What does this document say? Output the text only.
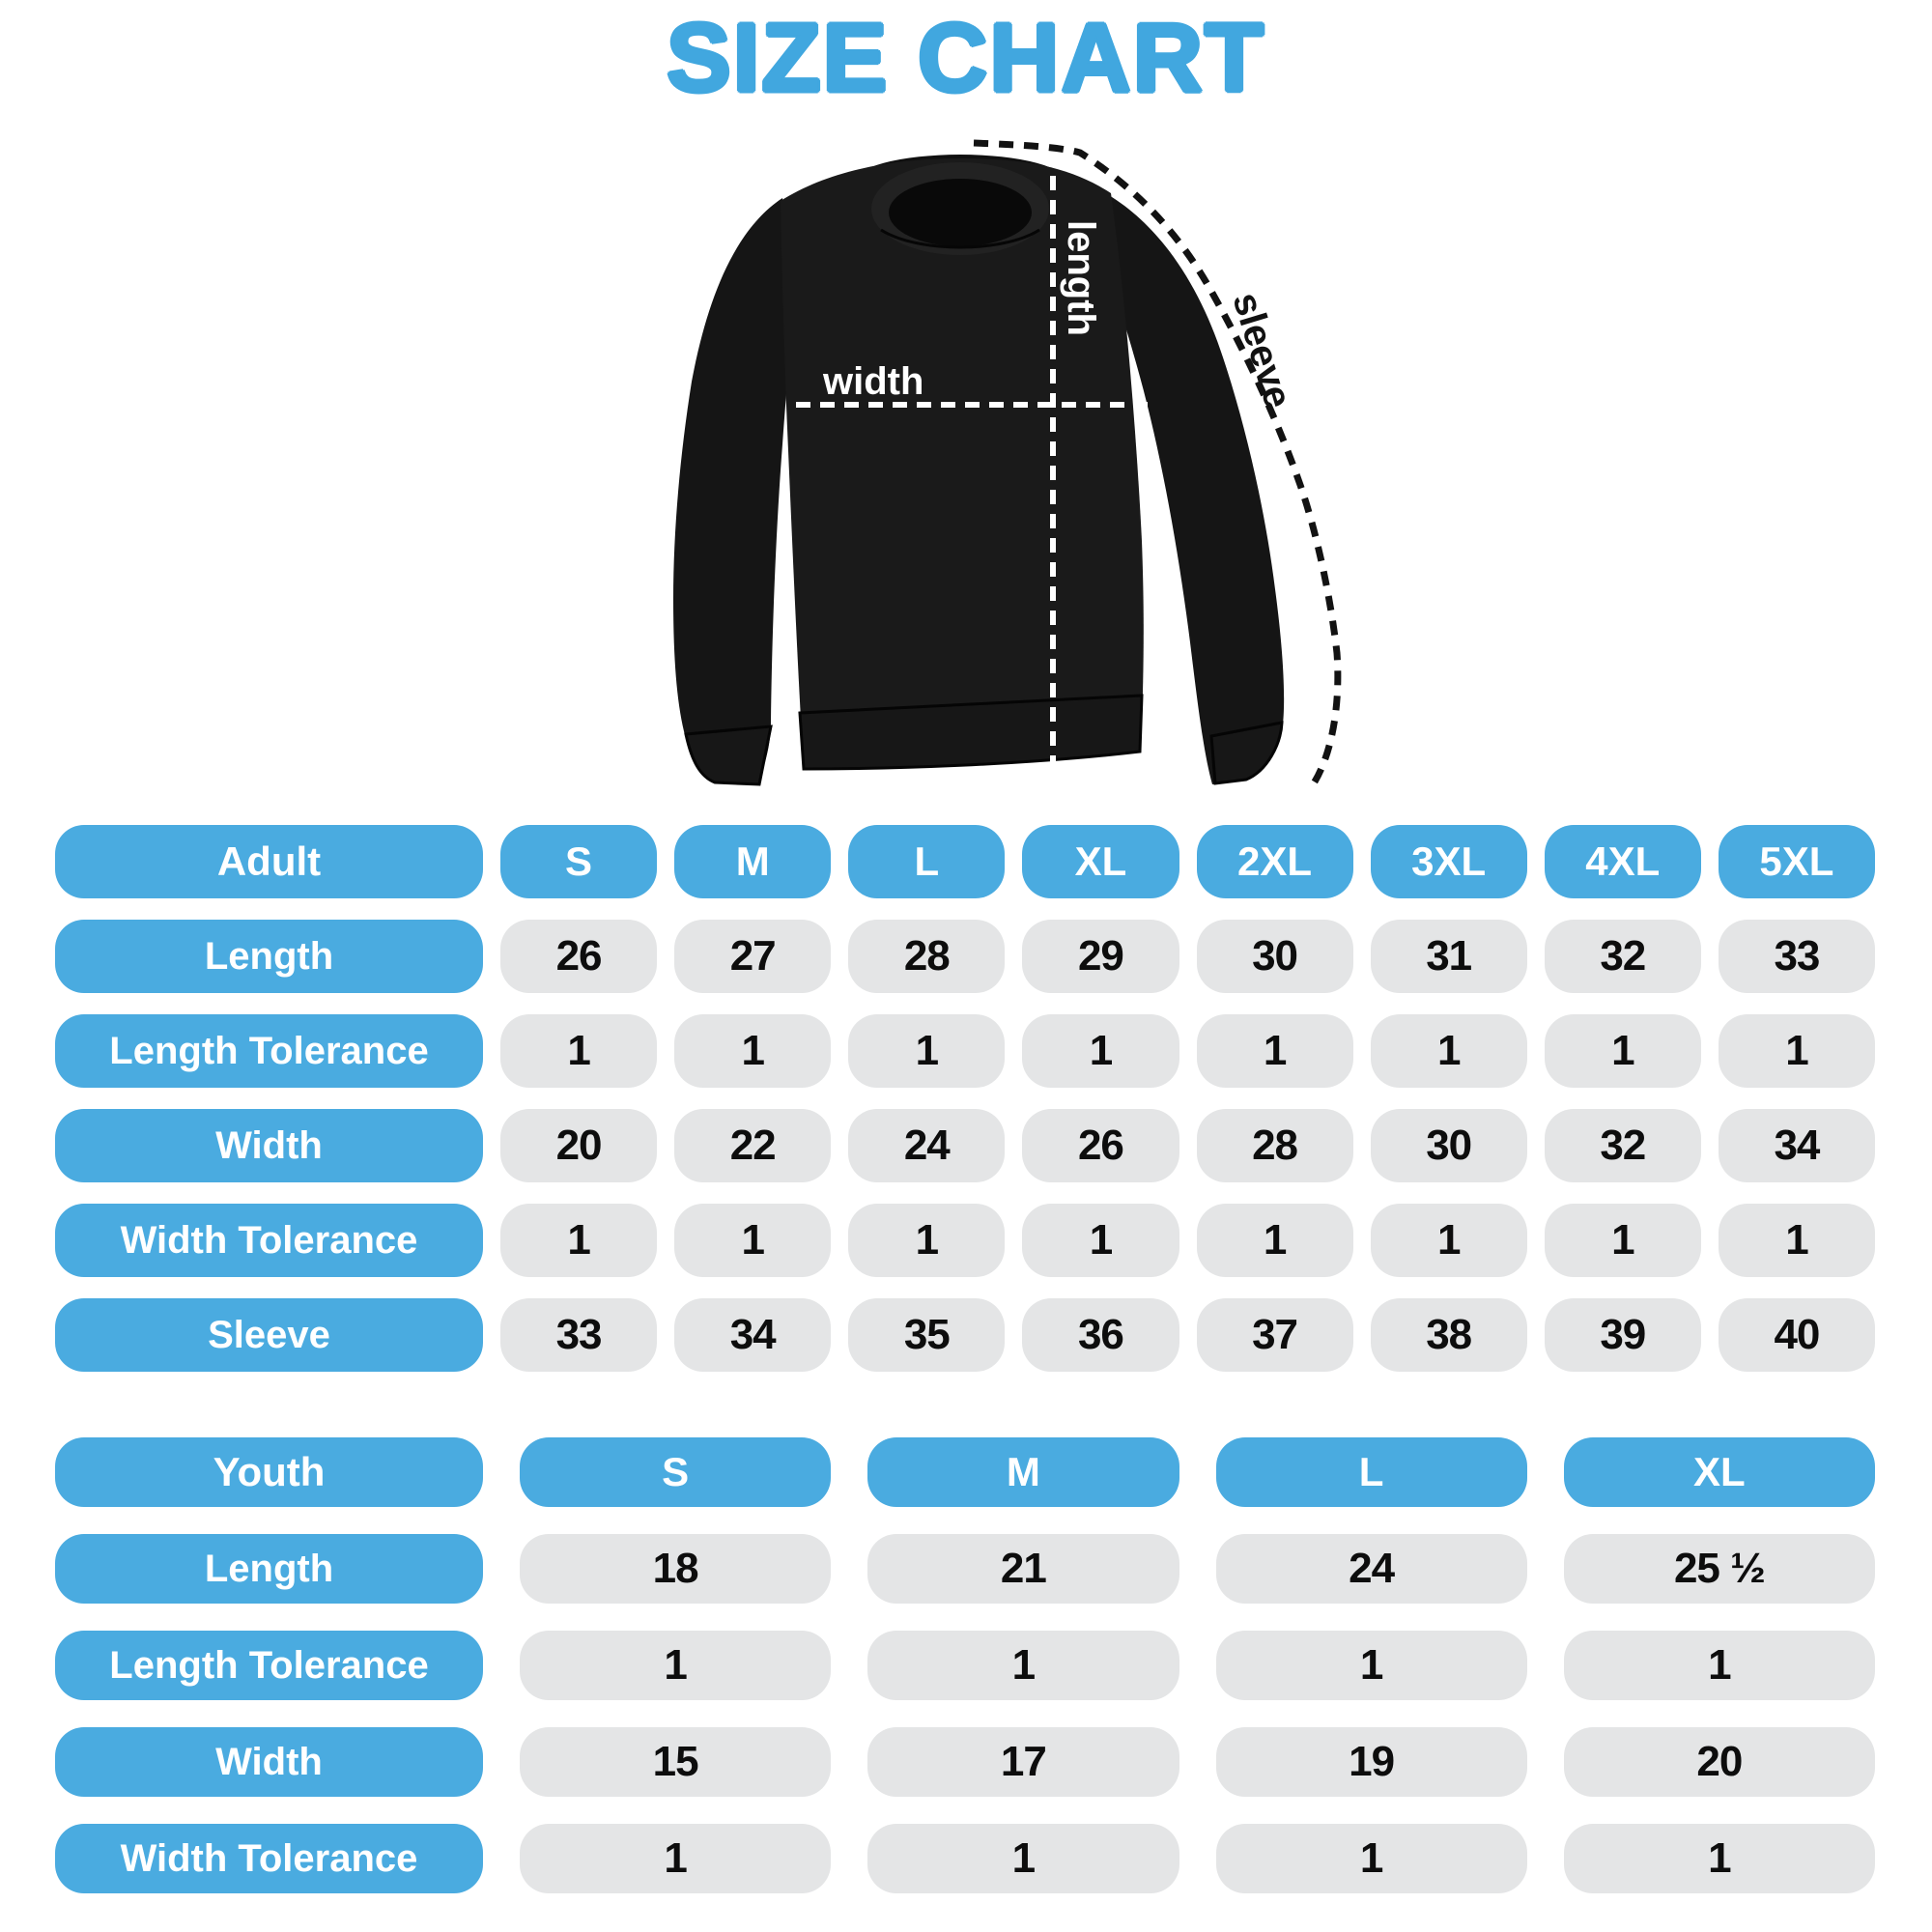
SIZE CHART
width
length
sleeve
Adult	S	M	L	XL	2XL	3XL	4XL	5XL
Length	26	27	28	29	30	31	32	33
Length Tolerance	1	1	1	1	1	1	1	1
Width	20	22	24	26	28	30	32	34
Width Tolerance	1	1	1	1	1	1	1	1
Sleeve	33	34	35	36	37	38	39	40
Youth	S	M	L	XL
Length	18	21	24	25 ½
Length Tolerance	1	1	1	1
Width	15	17	19	20
Width Tolerance	1	1	1	1
